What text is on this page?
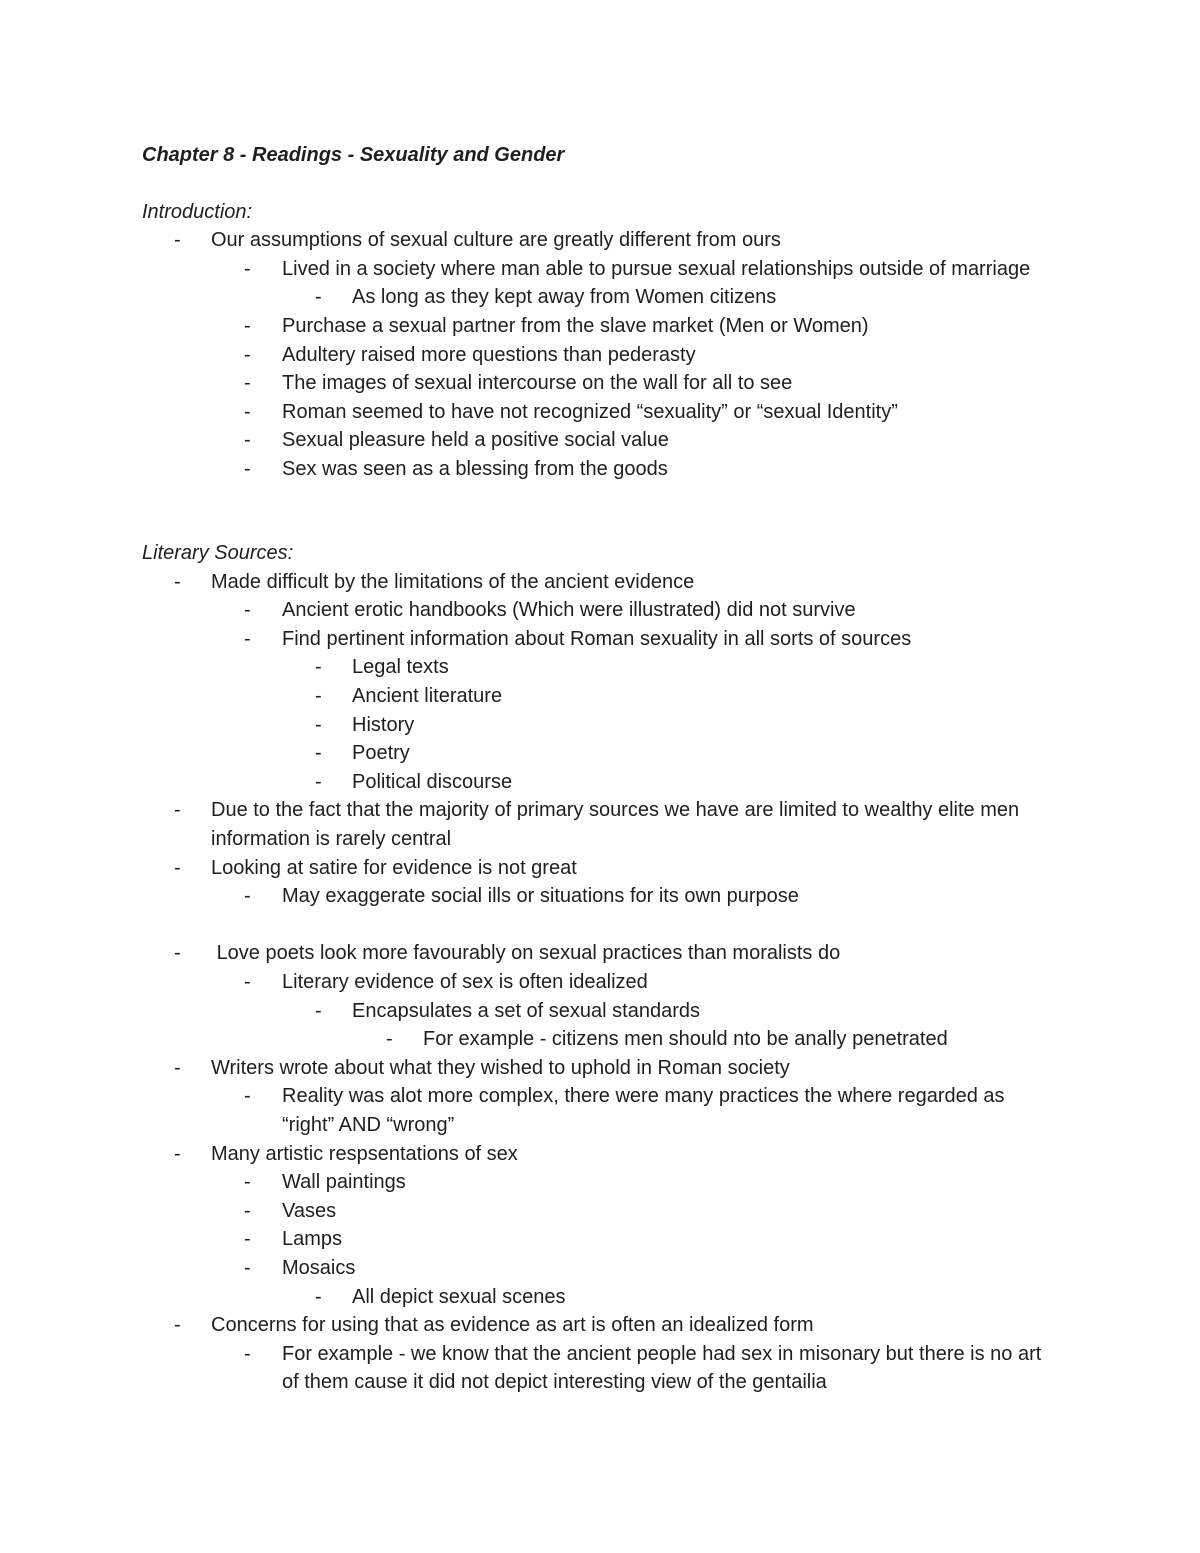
Chapter 8 - Readings - Sexuality and Gender
Introduction:
- Our assumptions of sexual culture are greatly different from ours
- Lived in a society where man able to pursue sexual relationships outside of marriage
- As long as they kept away from Women citizens
- Purchase a sexual partner from the slave market (Men or Women)
- Adultery raised more questions than pederasty
- The images of sexual intercourse on the wall for all to see
- Roman seemed to have not recognized “sexuality” or “sexual Identity”
- Sexual pleasure held a positive social value
- Sex was seen as a blessing from the goods
Literary Sources:
- Made difficult by the limitations of the ancient evidence
- Ancient erotic handbooks (Which were illustrated) did not survive
- Find pertinent information about Roman sexuality in all sorts of sources
- Legal texts
- Ancient literature
- History
- Poetry
- Political discourse
- Due to the fact that the majority of primary sources we have are limited to wealthy elite men information is rarely central
- Looking at satire for evidence is not great
- May exaggerate social ills or situations for its own purpose
- Love poets look more favourably on sexual practices than moralists do
- Literary evidence of sex is often idealized
- Encapsulates a set of sexual standards
- For example - citizens men should nto be anally penetrated
- Writers wrote about what they wished to uphold in Roman society
- Reality was alot more complex, there were many practices the where regarded as “right” AND “wrong”
- Many artistic respsentations of sex
- Wall paintings
- Vases
- Lamps
- Mosaics
- All depict sexual scenes
- Concerns for using that as evidence as art is often an idealized form
- For example - we know that the ancient people had sex in misonary but there is no art of them cause it did not depict interesting view of the gentailia
